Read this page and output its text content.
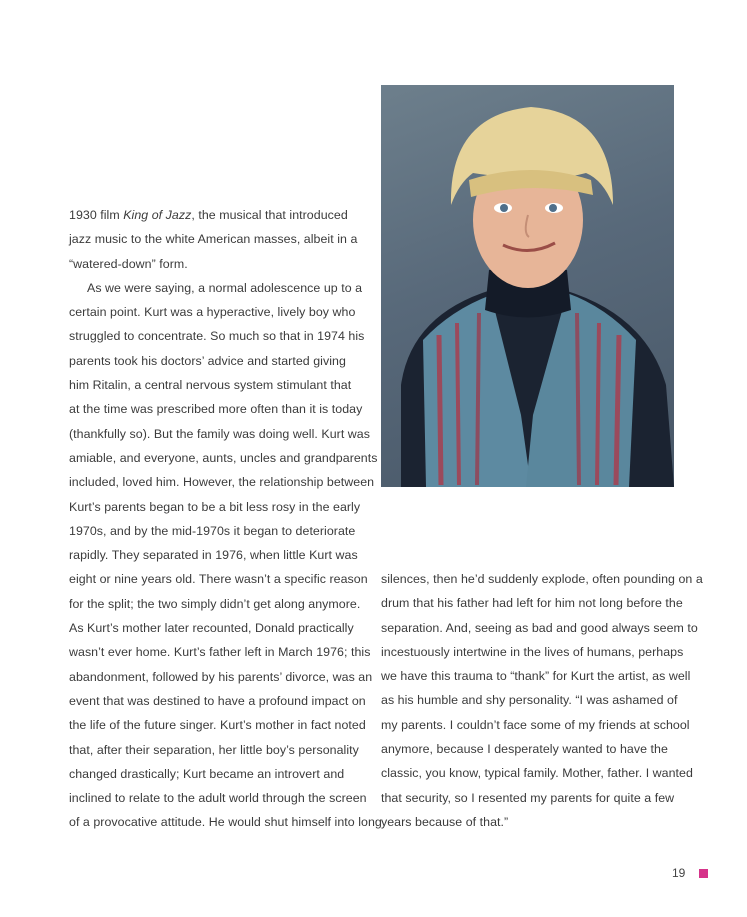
1930 film King of Jazz, the musical that introduced
jazz music to the white American masses, albeit in a
“watered-down” form.
As we were saying, a normal adolescence up to a
certain point. Kurt was a hyperactive, lively boy who
struggled to concentrate. So much so that in 1974 his
parents took his doctors’ advice and started giving
him Ritalin, a central nervous system stimulant that
at the time was prescribed more often than it is today
(thankfully so). But the family was doing well. Kurt was
amiable, and everyone, aunts, uncles and grandparents
included, loved him. However, the relationship between
Kurt’s parents began to be a bit less rosy in the early
1970s, and by the mid-1970s it began to deteriorate
rapidly. They separated in 1976, when little Kurt was
eight or nine years old. There wasn’t a specific reason
for the split; the two simply didn’t get along anymore.
As Kurt’s mother later recounted, Donald practically
wasn’t ever home. Kurt’s father left in March 1976; this
abandonment, followed by his parents’ divorce, was an
event that was destined to have a profound impact on
the life of the future singer. Kurt’s mother in fact noted
that, after their separation, her little boy’s personality
changed drastically; Kurt became an introvert and
inclined to relate to the adult world through the screen
of a provocative attitude. He would shut himself into long
silences, then he’d suddenly explode, often pounding on a
drum that his father had left for him not long before the
separation. And, seeing as bad and good always seem to
incestuously intertwine in the lives of humans, perhaps
we have this trauma to “thank” for Kurt the artist, as well
as his humble and shy personality. “I was ashamed of
my parents. I couldn’t face some of my friends at school
anymore, because I desperately wanted to have the
classic, you know, typical family. Mother, father. I wanted
that security, so I resented my parents for quite a few
years because of that.”
19
